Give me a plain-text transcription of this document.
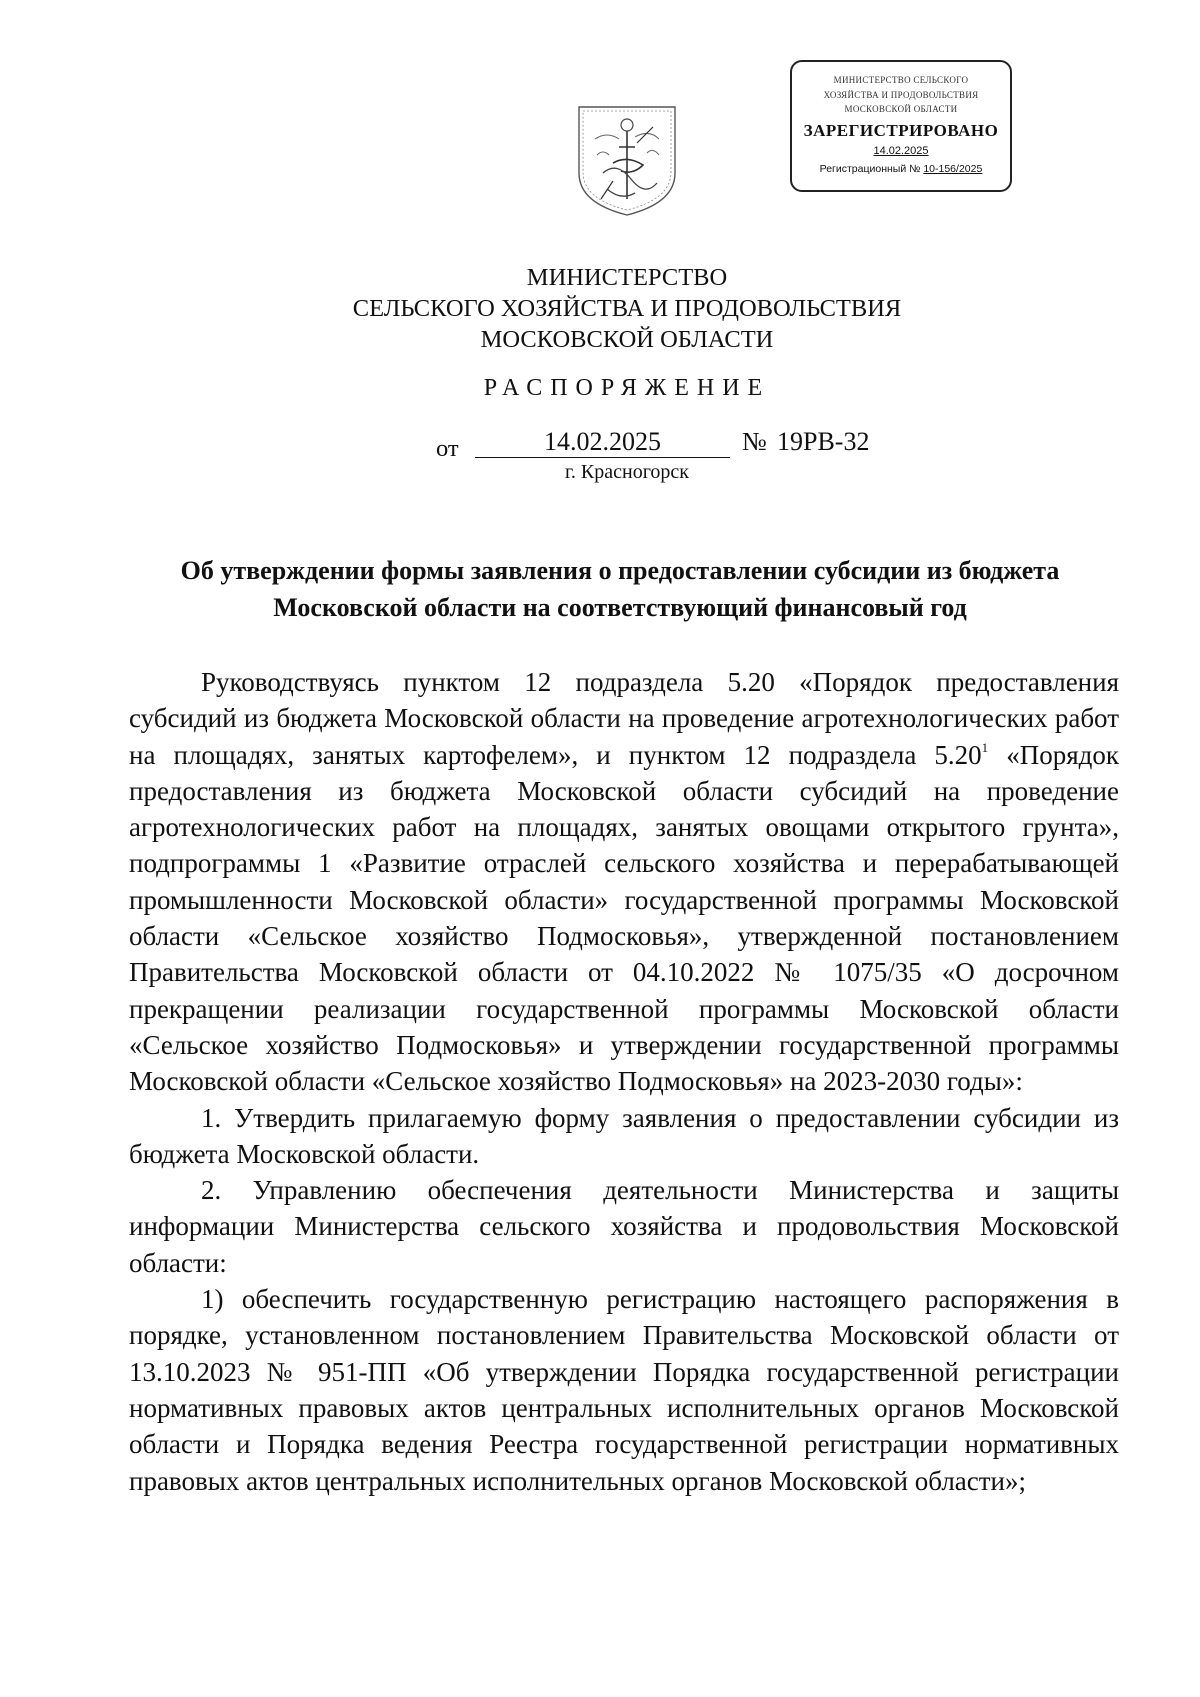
МИНИСТЕРСТВО СЕЛЬСКОГО
ХОЗЯЙСТВА И ПРОДОВОЛЬСТВИЯ
МОСКОВСКОЙ ОБЛАСТИ
ЗАРЕГИСТРИРОВАНО
14.02.2025
Регистрационный № 10-156/2025
МИНИСТЕРСТВО
СЕЛЬСКОГО ХОЗЯЙСТВА И ПРОДОВОЛЬСТВИЯ
МОСКОВСКОЙ ОБЛАСТИ
РАСПОРЯЖЕНИЕ
от	14.02.2025	№ 19РВ-32
г. Красногорск
Об утверждении формы заявления о предоставлении субсидии из бюджета Московской области на соответствующий финансовый год

Руководствуясь пунктом 12 подраздела 5.20 «Порядок предоставления субсидий из бюджета Московской области на проведение агротехнологических работ на площадях, занятых картофелем», и пунктом 12 подраздела 5.20$^1$ «Порядок предоставления из бюджета Московской области субсидий на проведение агротехнологических работ на площадях, занятых овощами открытого грунта», подпрограммы 1 «Развитие отраслей сельского хозяйства и перерабатывающей промышленности Московской области» государственной программы Московской области «Сельское хозяйство Подмосковья», утвержденной постановлением Правительства Московской области от 04.10.2022 № 1075/35 «О досрочном прекращении реализации государственной программы Московской области «Сельское хозяйство Подмосковья» и утверждении государственной программы Московской области «Сельское хозяйство Подмосковья» на 2023-2030 годы»:

1. Утвердить прилагаемую форму заявления о предоставлении субсидии из бюджета Московской области.

2. Управлению обеспечения деятельности Министерства и защиты информации Министерства сельского хозяйства и продовольствия Московской области:

1) обеспечить государственную регистрацию настоящего распоряжения в порядке, установленном постановлением Правительства Московской области от 13.10.2023 № 951-ПП «Об утверждении Порядка государственной регистрации нормативных правовых актов центральных исполнительных органов Московской области и Порядка ведения Реестра государственной регистрации нормативных правовых актов центральных исполнительных органов Московской области»;
